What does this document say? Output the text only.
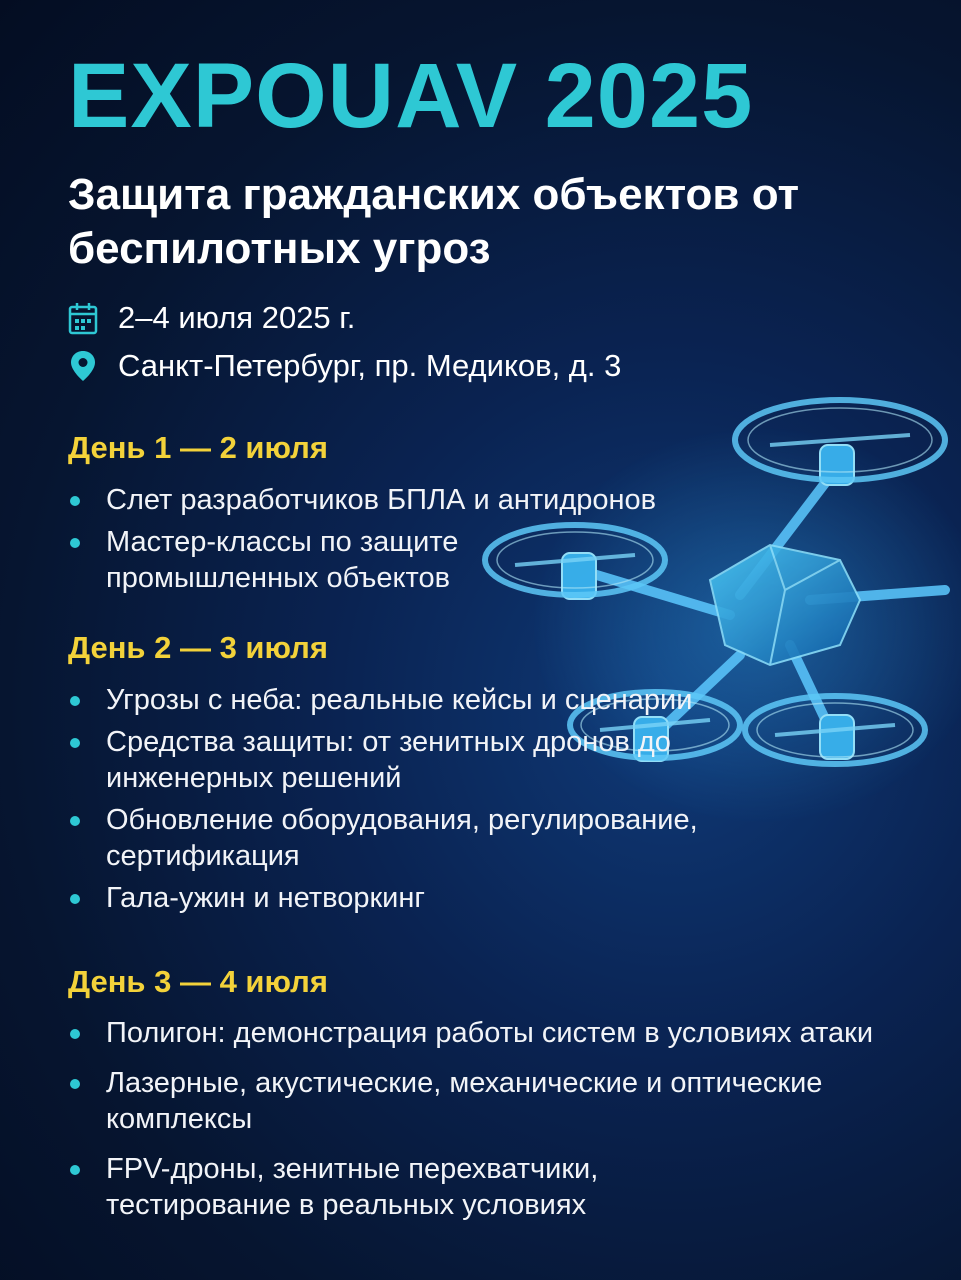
EXPOUAV 2025
Защита гражданских объектов от беспилотных угроз
2–4 июля 2025 г.
Санкт-Петербург, пр. Медиков, д. 3
День 1 — 2 июля
Слет разработчиков БПЛА и антидронов
Мастер-классы по защите промышленных объектов
День 2 — 3 июля
Угрозы с неба: реальные кейсы и сценарии
Средства защиты: от зенитных дронов до инженерных решений
Обновление оборудования, регулирование, сертификация
Гала-ужин и нетворкинг
День 3 — 4 июля
Полигон: демонстрация работы систем в условиях атаки
Лазерные, акустические, механические и оптические комплексы
FPV-дроны, зенитные перехватчики, тестирование в реальных условиях
